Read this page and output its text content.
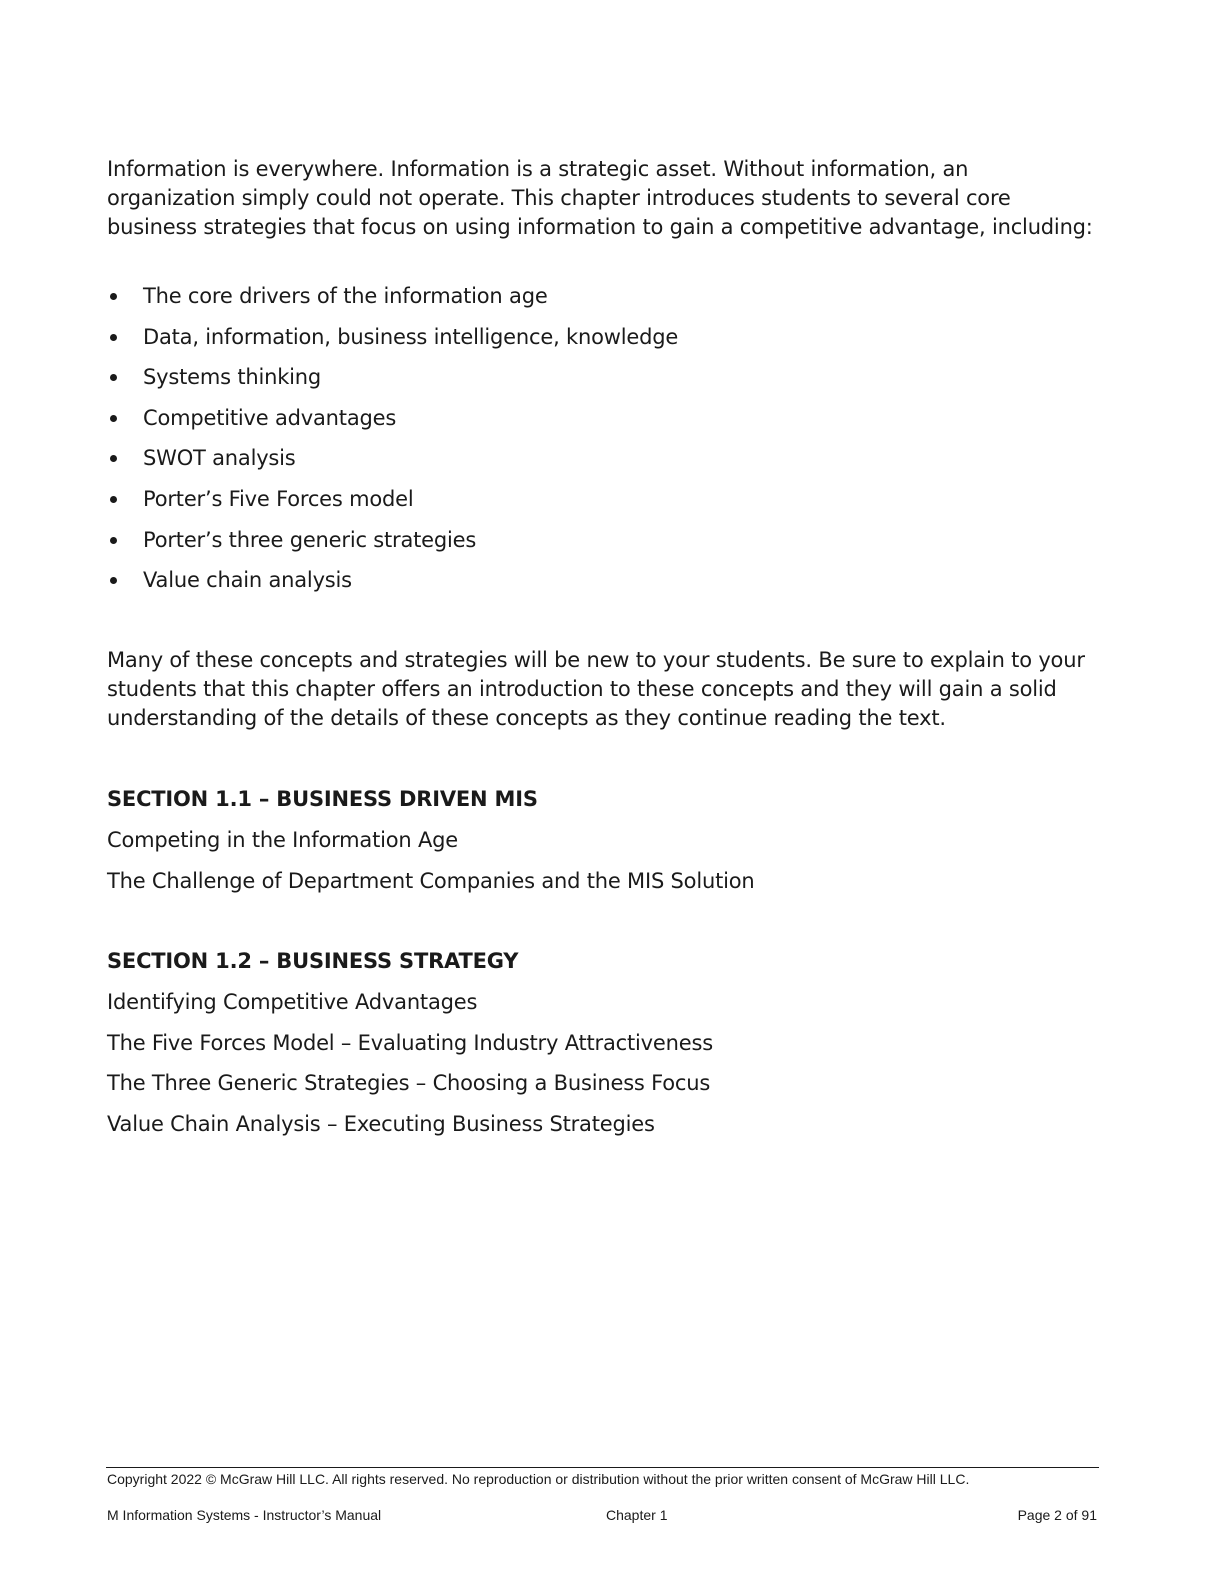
Information is everywhere. Information is a strategic asset. Without information, an organization simply could not operate. This chapter introduces students to several core business strategies that focus on using information to gain a competitive advantage, including:

The core drivers of the information age
Data, information, business intelligence, knowledge
Systems thinking
Competitive advantages
SWOT analysis
Porter’s Five Forces model
Porter’s three generic strategies
Value chain analysis

Many of these concepts and strategies will be new to your students. Be sure to explain to your students that this chapter offers an introduction to these concepts and they will gain a solid understanding of the details of these concepts as they continue reading the text.

SECTION 1.1 – BUSINESS DRIVEN MIS
Competing in the Information Age
The Challenge of Department Companies and the MIS Solution
SECTION 1.2 – BUSINESS STRATEGY
Identifying Competitive Advantages
The Five Forces Model – Evaluating Industry Attractiveness
The Three Generic Strategies – Choosing a Business Focus
Value Chain Analysis – Executing Business Strategies
Copyright 2022 © McGraw Hill LLC. All rights reserved. No reproduction or distribution without the prior written consent of McGraw Hill LLC.
M Information Systems - Instructor’s Manual	Chapter 1	Page 2 of 91
